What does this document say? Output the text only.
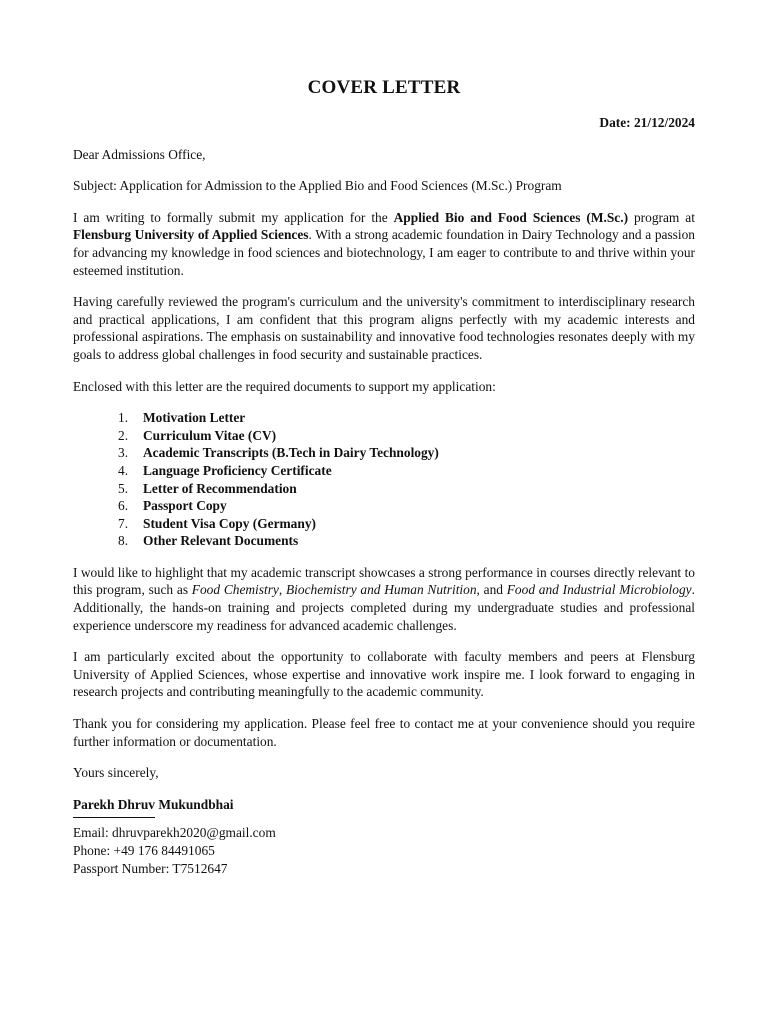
COVER LETTER
Date: 21/12/2024
Dear Admissions Office,
Subject: Application for Admission to the Applied Bio and Food Sciences (M.Sc.) Program

I am writing to formally submit my application for the Applied Bio and Food Sciences (M.Sc.) program at Flensburg University of Applied Sciences. With a strong academic foundation in Dairy Technology and a passion for advancing my knowledge in food sciences and biotechnology, I am eager to contribute to and thrive within your esteemed institution.

Having carefully reviewed the program's curriculum and the university's commitment to interdisciplinary research and practical applications, I am confident that this program aligns perfectly with my academic interests and professional aspirations. The emphasis on sustainability and innovative food technologies resonates deeply with my goals to address global challenges in food security and sustainable practices.

Enclosed with this letter are the required documents to support my application:
1.	Motivation Letter
2.	Curriculum Vitae (CV)
3.	Academic Transcripts (B.Tech in Dairy Technology)
4.	Language Proficiency Certificate
5.	Letter of Recommendation
6.	Passport Copy
7.	Student Visa Copy (Germany)
8.	Other Relevant Documents

I would like to highlight that my academic transcript showcases a strong performance in courses directly relevant to this program, such as Food Chemistry, Biochemistry and Human Nutrition, and Food and Industrial Microbiology. Additionally, the hands-on training and projects completed during my undergraduate studies and professional experience underscore my readiness for advanced academic challenges.

I am particularly excited about the opportunity to collaborate with faculty members and peers at Flensburg University of Applied Sciences, whose expertise and innovative work inspire me. I look forward to engaging in research projects and contributing meaningfully to the academic community.

Thank you for considering my application. Please feel free to contact me at your convenience should you require further information or documentation.

Yours sincerely,
Parekh Dhruv Mukundbhai
Email: dhruvparekh2020@gmail.com
Phone: +49 176 84491065
Passport Number: T7512647
